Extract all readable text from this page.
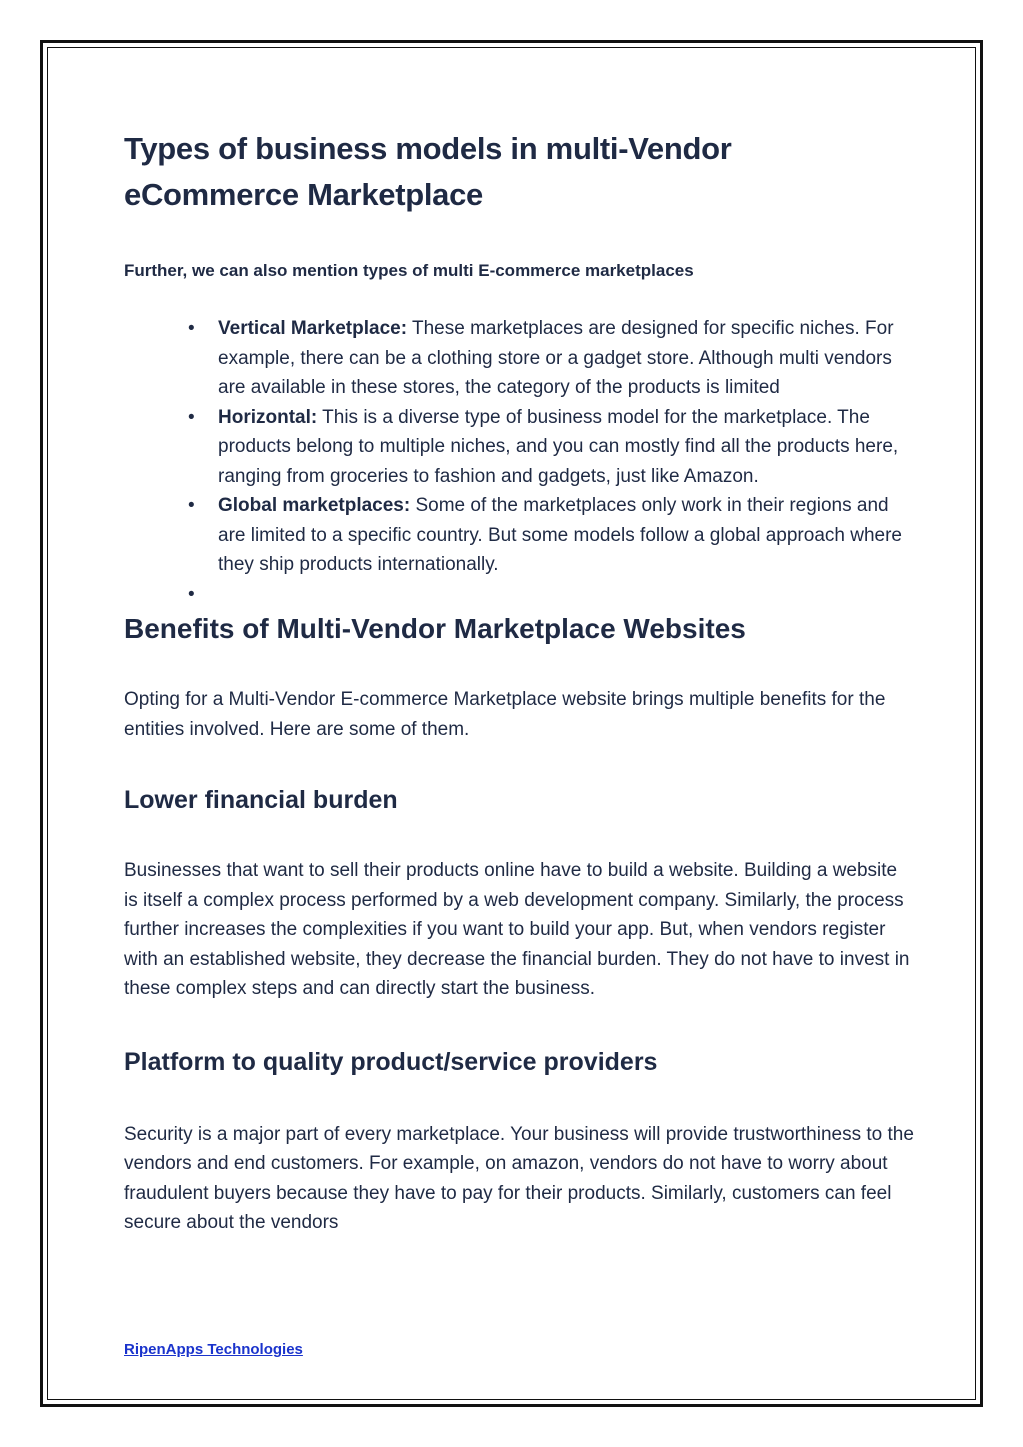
Types of business models in multi-Vendor eCommerce Marketplace
Further, we can also mention types of multi E-commerce marketplaces
• Vertical Marketplace: These marketplaces are designed for specific niches. For example, there can be a clothing store or a gadget store. Although multi vendors are available in these stores, the category of the products is limited
• Horizontal: This is a diverse type of business model for the marketplace. The products belong to multiple niches, and you can mostly find all the products here, ranging from groceries to fashion and gadgets, just like Amazon.
• Global marketplaces: Some of the marketplaces only work in their regions and are limited to a specific country. But some models follow a global approach where they ship products internationally.
•

Benefits of Multi-Vendor Marketplace Websites

Opting for a Multi-Vendor E-commerce Marketplace website brings multiple benefits for the entities involved. Here are some of them.

Lower financial burden

Businesses that want to sell their products online have to build a website. Building a website is itself a complex process performed by a web development company. Similarly, the process further increases the complexities if you want to build your app. But, when vendors register with an established website, they decrease the financial burden. They do not have to invest in these complex steps and can directly start the business.

Platform to quality product/service providers

Security is a major part of every marketplace. Your business will provide trustworthiness to the vendors and end customers. For example, on amazon, vendors do not have to worry about fraudulent buyers because they have to pay for their products. Similarly, customers can feel secure about the vendors

RipenApps Technologies
